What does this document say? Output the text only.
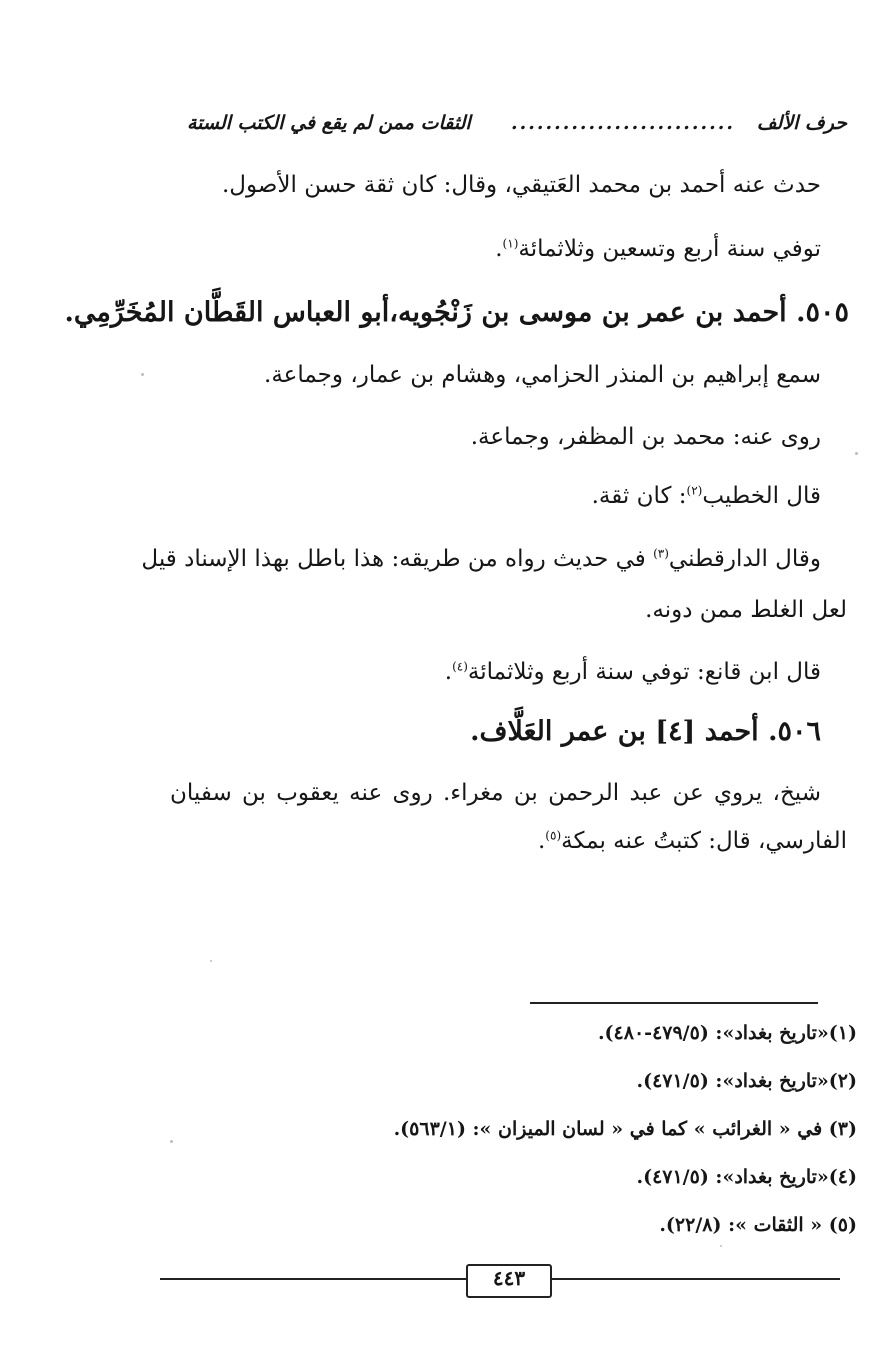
حرف الألف
..........................
الثقات ممن لم يقع في الكتب الستة
حدث عنه أحمد بن محمد العَتيقي، وقال: كان ثقة حسن الأصول.
توفي سنة أربع وتسعين وثلاثمائة$^{(١)}$.
٥٠٥. أحمد بن عمر بن موسى بن زَنْجُويه،أبو العباس القَطَّان المُخَرِّمِي.
سمع إبراهيم بن المنذر الحزامي، وهشام بن عمار، وجماعة.
روى عنه: محمد بن المظفر، وجماعة.
قال الخطيب$^{(٢)}$: كان ثقة.
وقال الدارقطني$^{(٣)}$ في حديث رواه من طريقه: هذا باطل بهذا الإسناد قيل
لعل الغلط ممن دونه.
قال ابن قانع: توفي سنة أربع وثلاثمائة$^{(٤)}$.
٥٠٦. أحمد [٤] بن عمر العَلَّاف.
شيخ، يروي عن عبد الرحمن بن مغراء. روى عنه يعقوب بن سفيان
الفارسي، قال: كتبتُ عنه بمكة$^{(٥)}$.
(١)«تاريخ بغداد»: (٤٧٩/٥-٤٨٠).
(٢)«تاريخ بغداد»: (٤٧١/٥).
(٣) في « الغرائب » كما في « لسان الميزان »: (٥٦٣/١).
(٤)«تاريخ بغداد»: (٤٧١/٥).
(٥) « الثقات »: (٢٢/٨).
٤٤٣
